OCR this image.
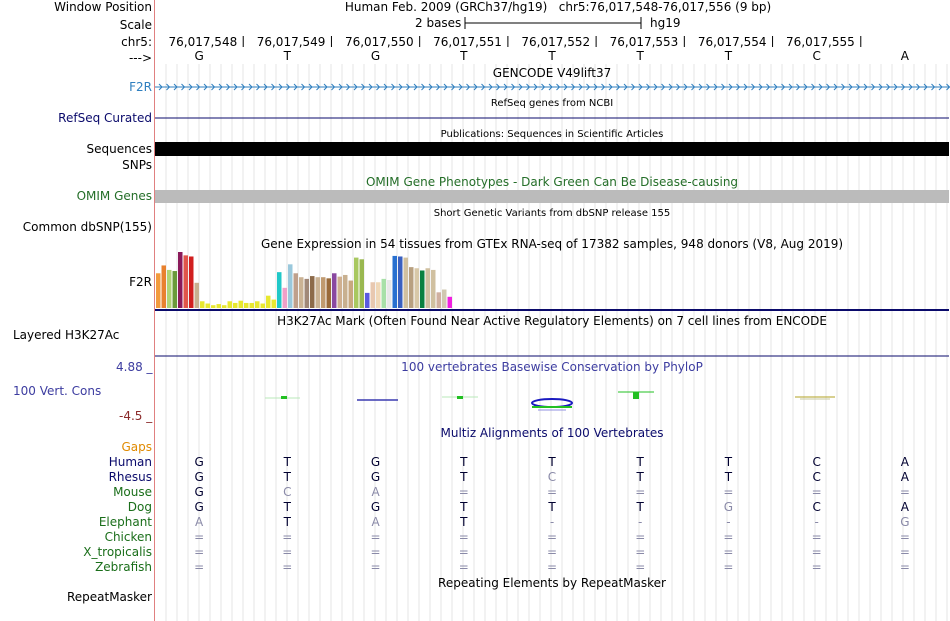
Window Position	Human Feb. 2009 (GRCh37/hg19)   chr5:76,017,548-76,017,556 (9 bp)
Scale	2 bases	hg19
chr5:
--->
76,017,548 76,017,549 76,017,550 76,017,551 76,017,552 76,017,553 76,017,554 76,017,555
G	T	G	T	T	T	T	C	A
GENCODE V49lift37
F2R
RefSeq genes from NCBI
RefSeq Curated
Publications: Sequences in Scientific Articles
Sequences
SNPs
OMIM Gene Phenotypes - Dark Green Can Be Disease-causing
OMIM Genes
Short Genetic Variants from dbSNP release 155
Common dbSNP(155)
Gene Expression in 54 tissues from GTEx RNA-seq of 17382 samples, 948 donors (V8, Aug 2019)
F2R
H3K27Ac Mark (Often Found Near Active Regulatory Elements) on 7 cell lines from ENCODE
Layered H3K27Ac
100 vertebrates Basewise Conservation by PhyloP
4.88 _
100 Vert. Cons
-4.5 _
Multiz Alignments of 100 Vertebrates
Gaps
Human	G	T	G	T	T	T	T	C	A
Rhesus	G	T	G	T	C	T	T	C	A
Mouse	G	C	A	=	=	=	=	=	=
Dog	G	T	G	T	T	T	G	C	A
Elephant	A	T	A	T	-	-	-	-	G
Chicken	=	=	=	=	=	=	=	=	=
X_tropicalis	=	=	=	=	=	=	=	=	=
Zebrafish	=	=	=	=	=	=	=	=	=
Repeating Elements by RepeatMasker
RepeatMasker
